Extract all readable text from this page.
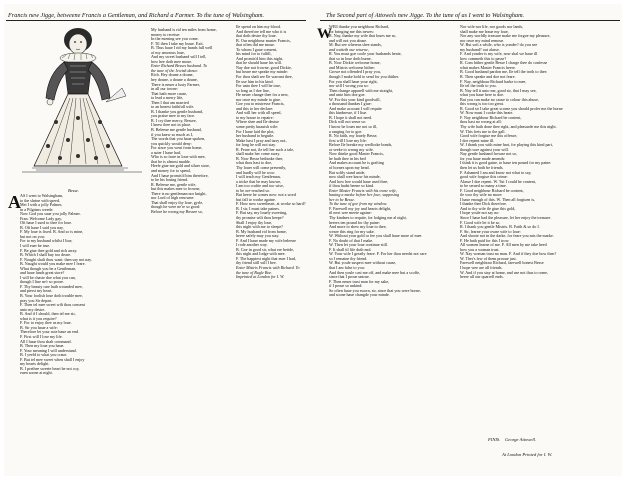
Francis new Jigge, betweene Francis a Gentleman, and Richard a Farmer. To the tune of Walsingham.	The Second part of Attowels new Jigge. To the tune of as I went to Walsingham.
Besse.
A AS I went to Walsingham,
to the shrine with speed,
Met I with a jolly Palmer,
in a Pilgrims weede.
Now God you saue you jolly Palmer.
Fran. Welcome Lady gay,
Oft haue I sued to thee for loue.
B. Oft haue I said you nay.
F. My loue is fixed. B. And so is mine,
but not on you:
For to my husband whilst I liue,
I will euer be true.
F. Be giue thee gold and rich array.
B. Which I shall buy too deare.
F. Nought shalt thou want: then say not nay.
B. Naught would you make mee I feare.
What though you be a Gentleman,
and haue lands great store?
I will be chaste doe what you can,
though I liue ne'r so poore.
F. Thy beauty rare hath wounded mee,
and pierst my heart.
B. Your foolish loue doth trouble mee,
pray you Sir depart.
F. Then tel mee sweet wilt thou consent
unto my desire.
B. And if I should, then tel me sir,
what is it you require?
F. For to enjoy thee as my loue.
B. Sir you haue a wife:
Therefore let your sute haue an end.
F. First will I lose my life.
All I haue thou shalt command.
B. Then my loue you haue.
F. Your meaning I will understand.
B. I yeeld to what you craue.
F. But tel mee sweet when shall I enjoy
my hearts delight.
B. I prethee sweete heart be not coy,
euen soone at night.
My husband is rid ten miles from home,
money to receiue:
In the euening see you come.
F. Til then I take my leaue. Exit.
B. Thus haue I rid my hands full well
of my amorous loue,
And my sweet husband will I tell,
how hee doth mee moue.
Enter Richard Besses husband. To
the tune of the Jewish dance.
Rich. Hey doune a doune,
hey doune, a doune a doune,
There is neuer a lusty Farmer,
in all our towne:
That hath more cause,
to lead a merry life,
Then I that am married
to an honest faithfull wife.
B. I thanke you gentle husband,
you praise mee to my face.
R. I cry thee mercy, Bessee,
I knew thee not in place.
B. Beleeue me gentle husband,
if you knew so much as I,
The words that you haue spoken,
you quickly would deny:
For since you went from home,
a suter I haue had,
Who is so farre in loue with mee,
that he is almost madde.
Heele giue me gold and siluer store,
and money for to spend,
And I haue promis'd him therefore,
to be his louing friend.
R. Beleeue me, gentle wife,
but this makes mee to frowne,
There is no gentleman nor knight,
nor Lord of high renowne:
That shall enjoy thy loue, gyrle,
though he were ne're so good:
Before he wrong my Bessee so,
Ile spend on him my blood.
And therefore tell me who it is
that doth desire thy loue.
B. Our neighbour master Francis,
that often did me moue.
To whom I gaue consent,
his mind for to fulfill,
And promis'd him this night,
that he should haue his will.
Nay doe not frowne, good Dickie,
but heare me speake my minde:
For thou shalt see Ile warrant thee,
Ile use him in his kind.
For unto thee I will be true,
so long as I doe liue,
He neuer change thee for a new,
nor once my minde to giue.
Goe you to mistresse Francis,
and this to her declare:
And will her with all speed,
to my house to repaire:
Where shee and Ile deuise
some pretty knauish wile:
For I haue laid the plot,
her husband to beguile.
Make hast I pray and tarry not,
for long he will not stay.
R. Feare not, ile tell her such a tale,
shall make her come away.
B. Now Besse bethinke thee,
what thou hast to doe,
Thy louer will come presently,
and hardly will he woo:
I will teach my Gentleman,
a tricke that he may knowe,
I am too craftie and too wise,
to be ore-reached so.
But heere he comes now: not a word
but fall to worke againe.
F. How now sweetheart, at worke so hard?
B. I sir, I must take paines.
F. But say, my louely sweeting,
thy promise wilt thou keepe?
Shall I enjoy thy loue,
this night with me to sleepe?
B. My husband rid from home,
heere safely may you stay.
F. And I haue made my wife beleeue
I rode another way.
B. Goe in good sir, what ere betide,
this night and lodge with mee.
F. The happiest night that euer I had,
thy friend still will I bee.
Enter Mistris Francis with Richard. To
the tune of Bugle Boe.
Imprinted at London for I. W.
W
WEll thanke you neighbour Richard,
for bringing me this newes:
R. Nay, thanke my wife that loues me so,
and will not you abuse.
M. But see whereas shee stands,
and waiteth our returne,
R. You must goe coole your husbands heate,
that so in loue doth burne.
B. Now Dickie welcome home,
and Mistris welcome hither:
Growe not offended I pray you,
though I make bold to send for you thither.
For you shall haue your right,
nor will I wrong you so:
Then change apparell with me straight,
and unto him doe goe.
W. For this your kind goodwill,
a thousand thankes I giue:
And make account I will requite
this kindnesse, if I liue.
B. I hope it shall not need.
Dick will not serue so:
I know he loues me not so ill,
a ranging for to goe.
R. No faith, my louely Besse,
first will I lose my life:
Before Ile breake my wedlocke bonds,
or seeke to wrong my wife.
Now thinke good Master Francis,
he hath thee in his bed
And makes account he is grafting
of hornes upon my head.
But softly stand aside,
now shall wee know his minde,
And how hee would haue used thee,
if thou hadst beene so kind.
Enter Master Francis with his owne wife,
hauing a maske before her face, supposing
her to be Besse.
To the tune of goe from my window.
F. Farewell my joy and hearts delight,
til next wee meete againe:
Thy kindnes to requite, for lodging me al night,
heeres ten pound for thy paine:
And more to shew my loue to thee,
weare this ring for my sake.
W. Without your gold or fee you shall haue more of mee.
F. No doubt of that I make.
W. Then let your loue continue still.
F. It shall til life doth end.
W. Your wife I greatly feare. F. For her thou needst not care
so I remaine thy friend.
W. But youle suspect mee without cause,
that I am false to you:
And then youle cast me off, and make mee but a scoffe,
since that I proue untrue.
F. Then neuer trust man for my sake,
if I proue so unkind:
So often haue you sworn, sir, since that you were borne,
and soone haue changde your minde.
Nor wife nor life, nor goods nor lands,
shall make me leaue my loue,
Nor any worldly treasure make me forgoe my pleasure,
nor once my mind remoue.
W. But soft a while, who is yonder? do you see
my husband? out alasse.
F. And yonder is my wife, now shal we haue ill
how commeth this to passe?
R. Com hither gentle Besse I charge thee do confesse
what makes Master Francis heere.
B. Good husband pardon me, Ile tell the troth to thee.
R. Then speake and doe not feare.
F. Nay, neighbour Richard harke to mee,
Ile tel the troth to you.
B. Nay tell it unto me, good sir, that I may see,
what you haue here to doe.
But you can make no cause to colour this abuse,
this wrong is too too great.
R. Good sir I take great scorne you should profer me the horne
W. Now must I cooke this heate.
F. Nay neighbour Richard be content,
thou hast no wrong at all:
Thy wife hath done thee right, and pleasurde me this night.
W. This frets me to the gall.
Good wife forgiue me this offence,
I doe repent mine ill.
W. I thank you with mine hart, for playing this kind part,
though sore against your will.
Nay gentle husband frowne not so,
for you haue made amends:
I think it is good gaine, to haue ten pound for my paine:
then let us both be friends.
F. Ashamed I am and know not what to say,
good wife forgiue this crime:
Alasse I doe repent. W. Tut I could be content,
to be serued so many a time.
F. Good neighbour Richard be content,
ile woo thy wife no more:
I haue enough of this. W. Then all forgiuen is,
I thanke thee Dick therefore.
And to thy wife ile giue this gold,
I hope youle not say no:
Since I haue had the pleasure, let her enjoy the treasure.
F. Good wife let it be so.
R. I thank you gentle Mistris. B. Faith & so do I.
F. Sir, learne your owne wife to loue:
And shoote not in the darke, for feare you mis the marke.
F. He hath paid for this I trow.
All women learne of me. F. All men by me take heed
how you a woman trust.
W. Nay woman trust no man. F. And if they doe how then?
W. Ther's few of them prooue just.
Farewell neighbour Richard, farewell honest Besse
I hope wee are all friends.
W. And if you stay at home, and use not thus to rome,
heere all our quarrell ends.
FINIS. George Attowell.
At London Printed for I. W.
